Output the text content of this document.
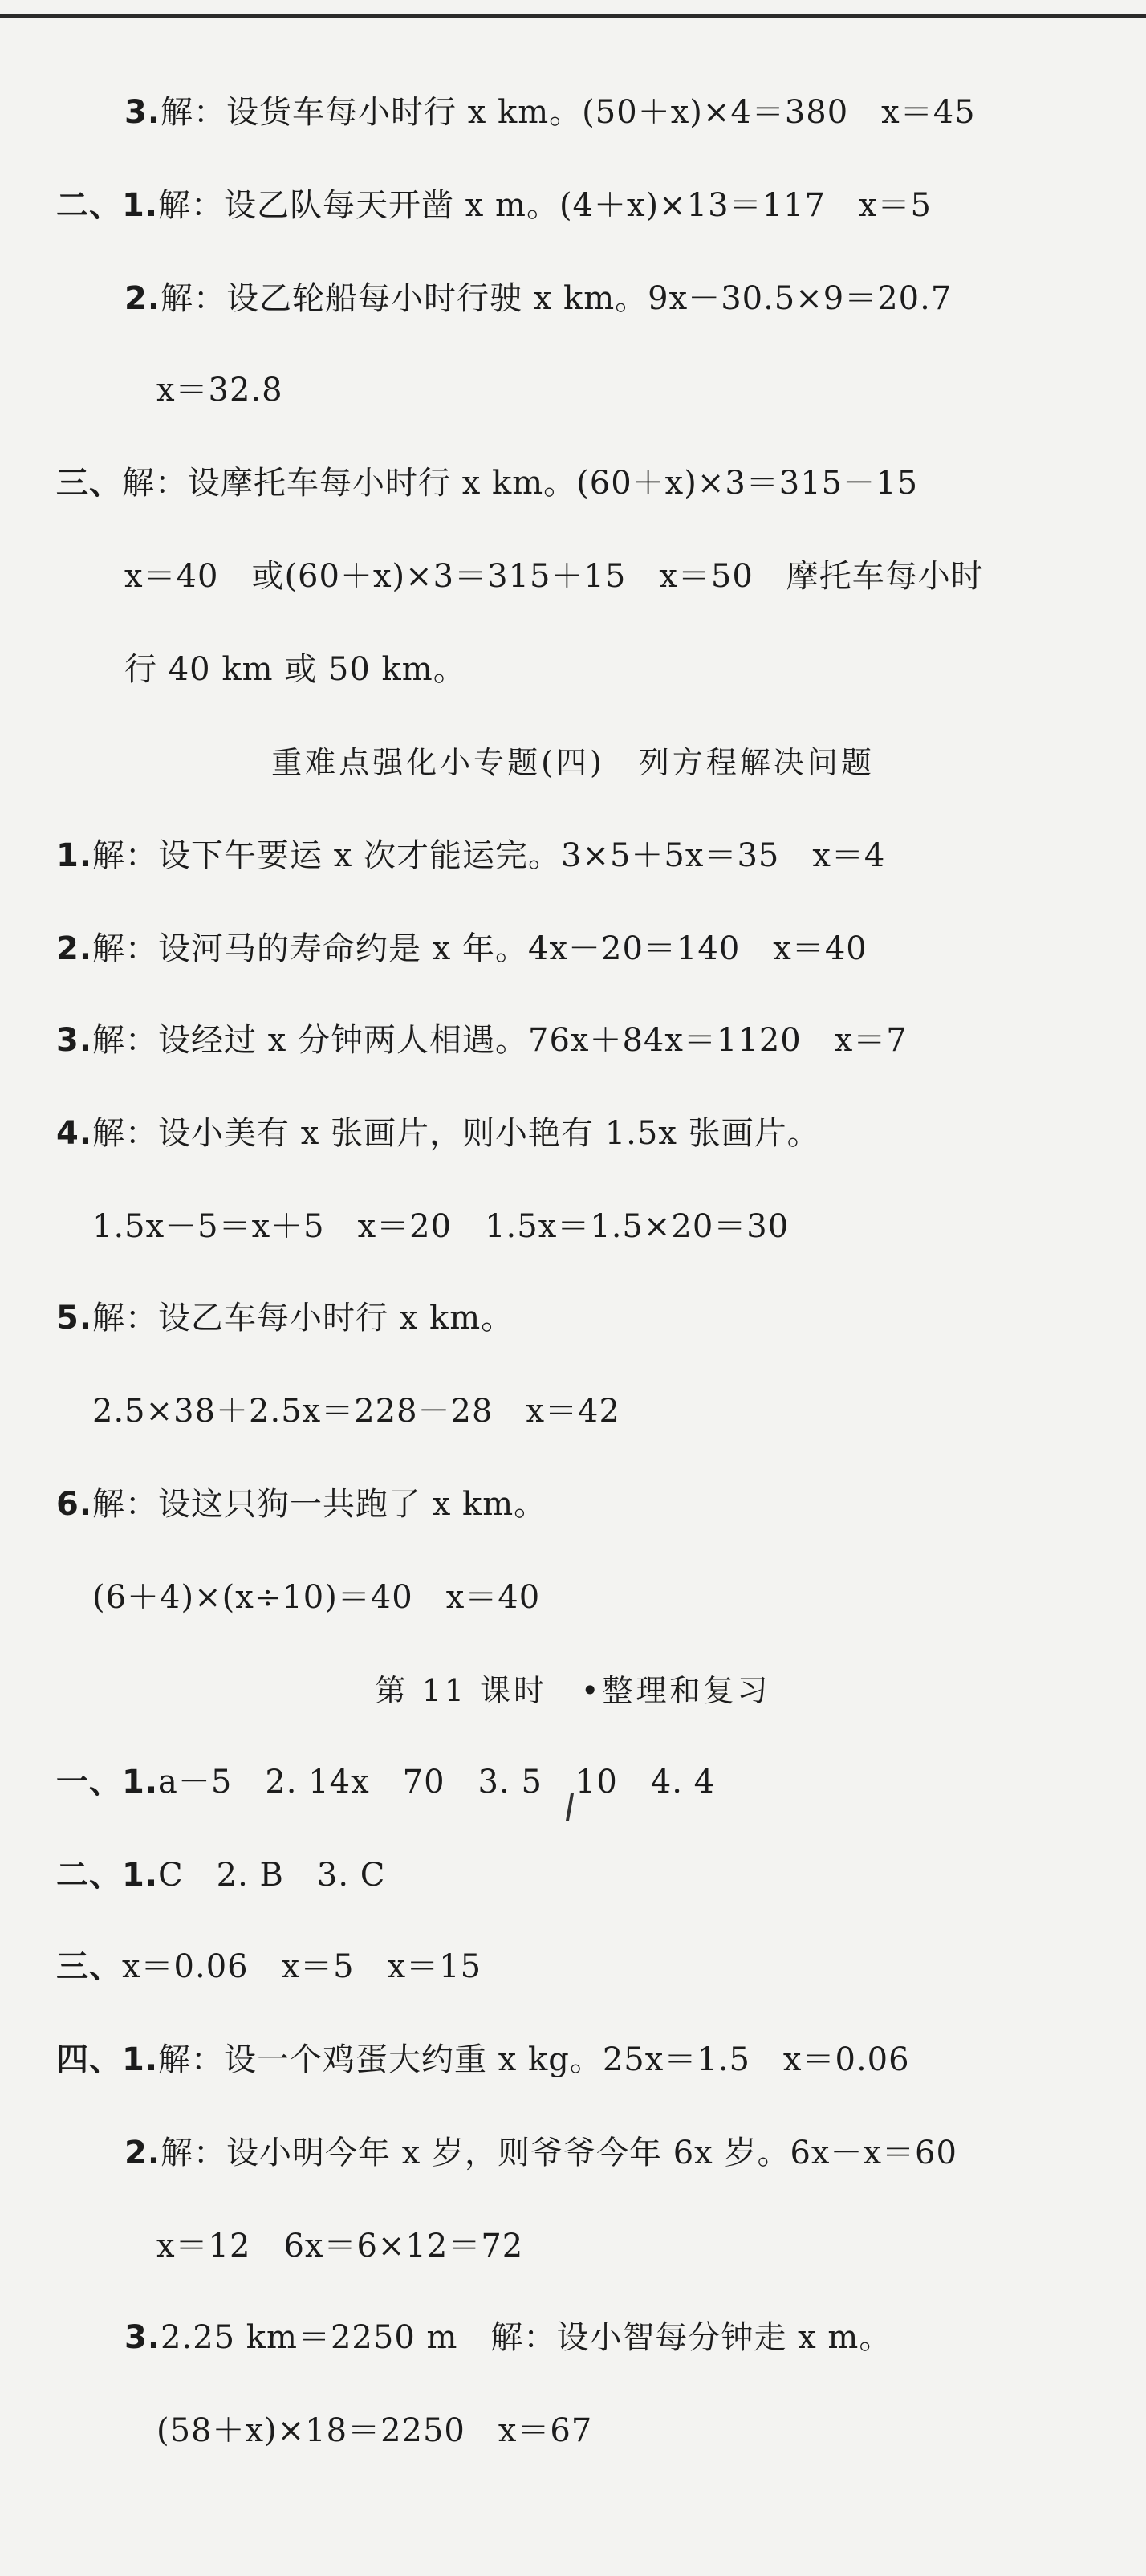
3.解：设货车每小时行 x km。(50＋x)×4＝380　x＝45
二、1.解：设乙队每天开凿 x m。(4＋x)×13＝117　x＝5
2.解：设乙轮船每小时行驶 x km。9x－30.5×9＝20.7
x＝32.8
三、解：设摩托车每小时行 x km。(60＋x)×3＝315－15
x＝40　或(60＋x)×3＝315＋15　x＝50　摩托车每小时
行 40 km 或 50 km。
重难点强化小专题(四)　列方程解决问题
1.解：设下午要运 x 次才能运完。3×5＋5x＝35　x＝4
2.解：设河马的寿命约是 x 年。4x－20＝140　x＝40
3.解：设经过 x 分钟两人相遇。76x＋84x＝1120　x＝7
4.解：设小美有 x 张画片，则小艳有 1.5x 张画片。
1.5x－5＝x＋5　x＝20　1.5x＝1.5×20＝30
5.解：设乙车每小时行 x km。
2.5×38＋2.5x＝228－28　x＝42
6.解：设这只狗一共跑了 x km。
(6＋4)×(x÷10)＝40　x＝40
第 11 课时　•整理和复习
一、1.a－5　2. 14x　70　3. 5　10　4. 4
二、1.C　2. B　3. C
三、x＝0.06　x＝5　x＝15
四、1.解：设一个鸡蛋大约重 x kg。25x＝1.5　x＝0.06
2.解：设小明今年 x 岁，则爷爷今年 6x 岁。6x－x＝60
x＝12　6x＝6×12＝72
3.2.25 km＝2250 m　解：设小智每分钟走 x m。
(58＋x)×18＝2250　x＝67
